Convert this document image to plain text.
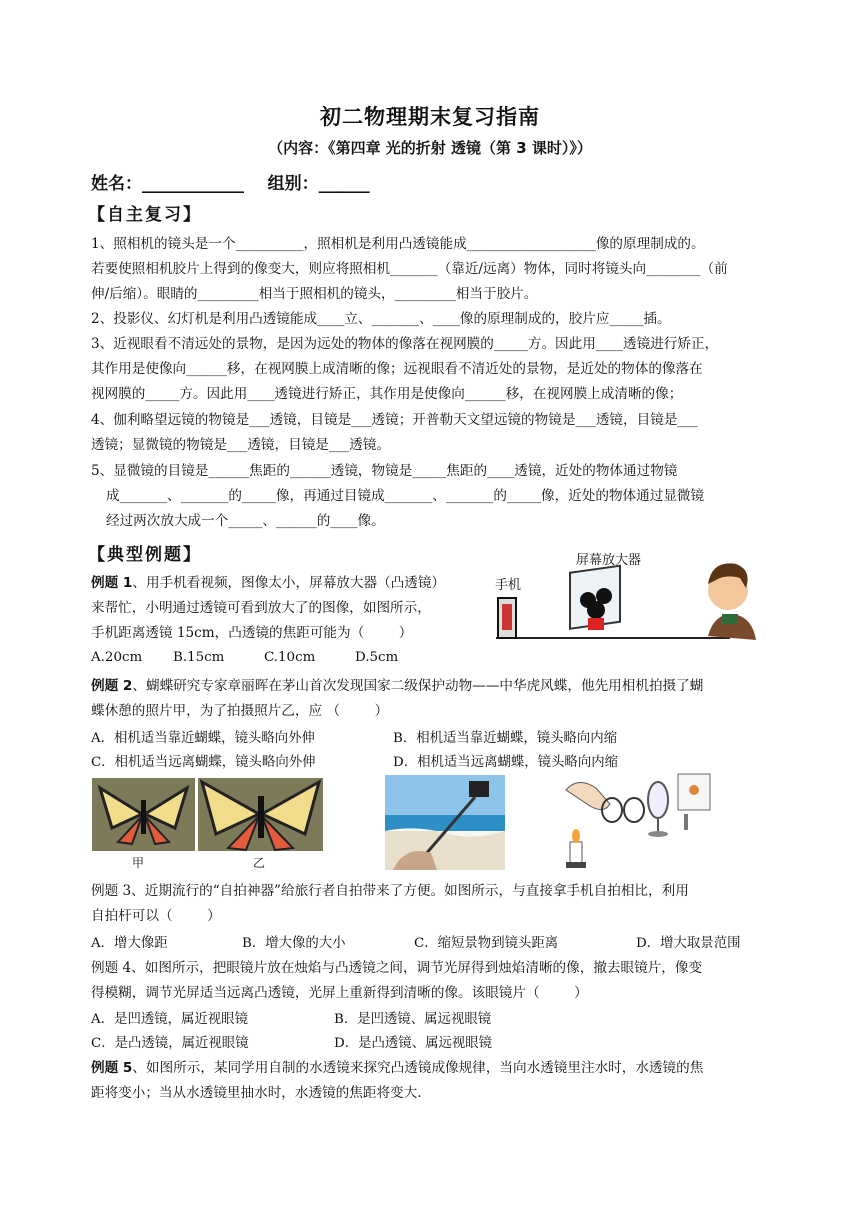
初二物理期末复习指南
（内容：《第四章 光的折射 透镜（第 3 课时）》）
姓名：____________    组别：______
【自主复习】
1、照相机的镜头是一个__________，照相机是利用凸透镜能成___________________像的原理制成的。
若要使照相机胶片上得到的像变大，则应将照相机_______（靠近/远离）物体，同时将镜头向________（前
伸/后缩）。眼睛的_________相当于照相机的镜头，_________相当于胶片。
2、投影仪、幻灯机是利用凸透镜能成____立、_______、____像的原理制成的，胶片应_____插。
3、近视眼看不清远处的景物，是因为远处的物体的像落在视网膜的_____方。因此用____透镜进行矫正，
其作用是使像向______移，在视网膜上成清晰的像；远视眼看不清近处的景物，是近处的物体的像落在
视网膜的_____方。因此用____透镜进行矫正，其作用是使像向______移，在视网膜上成清晰的像；
4、伽利略望远镜的物镜是___透镜，目镜是___透镜；开普勒天文望远镜的物镜是___透镜，目镜是___
透镜；显微镜的物镜是___透镜，目镜是___透镜。
5、显微镜的目镜是______焦距的______透镜，物镜是_____焦距的____透镜，近处的物体通过物镜
成_______、_______的_____像，再通过目镜成_______、_______的_____像，近处的物体通过显微镜
经过两次放大成一个_____、______的____像。
【典型例题】
例题 1、用手机看视频，图像太小，屏幕放大器（凸透镜）
来帮忙，小明通过透镜可看到放大了的图像，如图所示，
手机距离透镜 15cm，凸透镜的焦距可能为（        ）
A.20cm B.15cm	C.10cm	D.5cm
屏幕放大器
手机
例题 2、蝴蝶研究专家章丽晖在茅山首次发现国家二级保护动物——中华虎风蝶，他先用相机拍摄了蝴
蝶休憩的照片甲，为了拍摄照片乙，应 （        ）
A．相机适当靠近蝴蝶，镜头略向外伸	B．相机适当靠近蝴蝶，镜头略向内缩
C．相机适当远离蝴蝶，镜头略向外伸	D．相机适当远离蝴蝶，镜头略向内缩
甲	乙
例题 3、近期流行的“自拍神器”给旅行者自拍带来了方便。如图所示，与直接拿手机自拍相比，利用
自拍杆可以（        ）
A．增大像距	B．增大像的大小	C．缩短景物到镜头距离	D．增大取景范围
例题 4、如图所示，把眼镜片放在烛焰与凸透镜之间，调节光屏得到烛焰清晰的像，撤去眼镜片，像变
得模糊，调节光屏适当远离凸透镜，光屏上重新得到清晰的像。该眼镜片（        ）
A．是凹透镜，属近视眼镜	B．是凹透镜、属远视眼镜
C．是凸透镜，属近视眼镜	D．是凸透镜、属远视眼镜
例题 5、如图所示，某同学用自制的水透镜来探究凸透镜成像规律，当向水透镜里注水时，水透镜的焦
距将变小；当从水透镜里抽水时，水透镜的焦距将变大.
